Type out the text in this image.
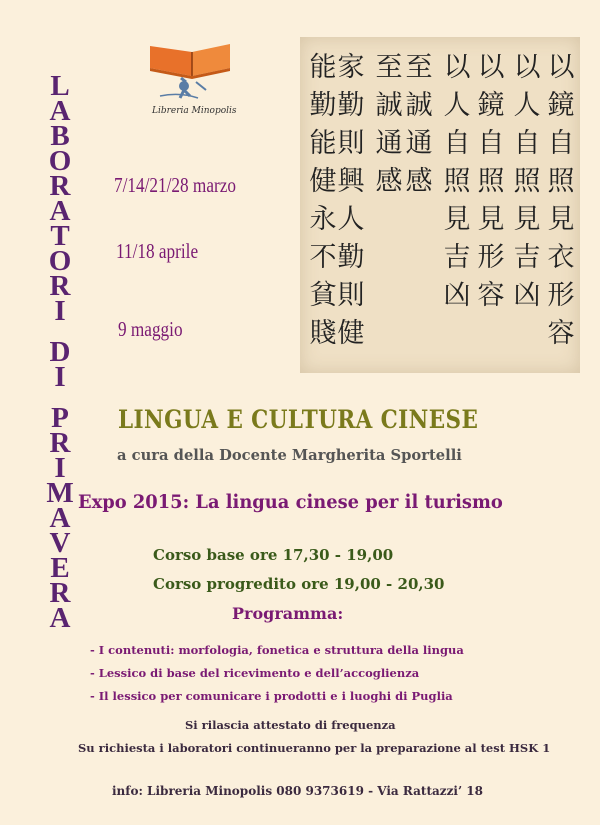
L
A
B
O
R
A
T
O
R
I
D
I
P
R
I
M
A
V
E
R
A
Libreria Minopolis
7/14/21/28 marzo
11/18 aprile
9 maggio
以
鏡
自
照
見
衣
形
容
以
人
自
照
見
吉
凶
以
鏡
自
照
見
形
容
以
人
自
照
見
吉
凶
至
誠
通
感
至
誠
通
感
家
勤
則
興
人
勤
則
健
能
勤
能
健
永
不
貧
賤
LINGUA E CULTURA CINESE
a cura della Docente Margherita Sportelli
Expo 2015: La lingua cinese per il turismo
Corso base ore 17,30 - 19,00
Corso progredito ore 19,00 - 20,30
Programma:
- I contenuti: morfologia, fonetica e struttura della lingua
- Lessico di base del ricevimento e dell’accoglienza
- Il lessico per comunicare i prodotti e i luoghi di Puglia
Si rilascia attestato di frequenza
Su richiesta i laboratori continueranno per la preparazione al test HSK 1
info: Libreria Minopolis 080 9373619 - Via Rattazzi’ 18
